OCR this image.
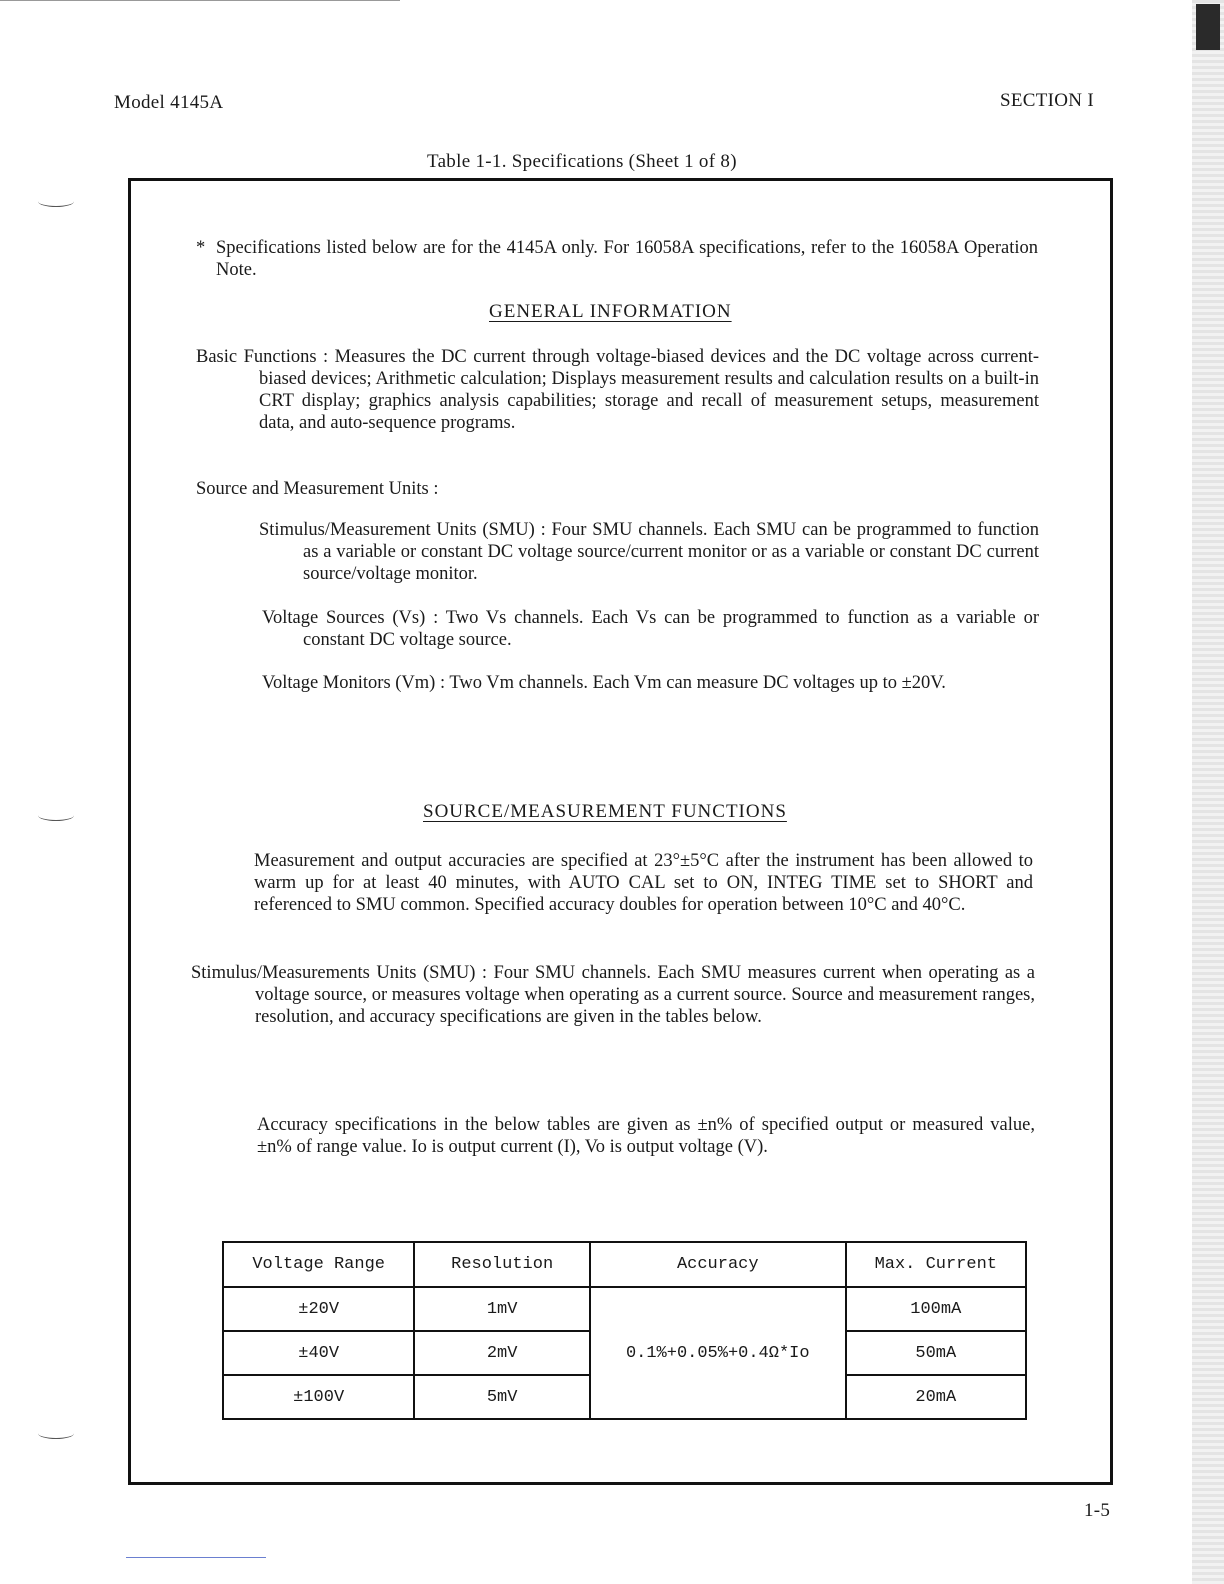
Model 4145A	SECTION I
Table 1-1. Specifications (Sheet 1 of 8)
* Specifications listed below are for the 4145A only. For 16058A specifications, refer to the 16058A Operation Note.
GENERAL INFORMATION
Basic Functions : Measures the DC current through voltage-biased devices and the DC voltage across current-biased devices; Arithmetic calculation; Displays measurement results and calculation results on a built-in CRT display; graphics analysis capabilities; storage and recall of measurement setups, measurement data, and auto-sequence programs.
Source and Measurement Units :
Stimulus/Measurement Units (SMU) : Four SMU channels. Each SMU can be programmed to function as a variable or constant DC voltage source/current monitor or as a variable or constant DC current source/voltage monitor.
Voltage Sources (Vs) : Two Vs channels. Each Vs can be programmed to function as a variable or constant DC voltage source.
Voltage Monitors (Vm) : Two Vm channels. Each Vm can measure DC voltages up to ±20V.
SOURCE/MEASUREMENT FUNCTIONS
Measurement and output accuracies are specified at 23°±5°C after the instrument has been allowed to warm up for at least 40 minutes, with AUTO CAL set to ON, INTEG TIME set to SHORT and referenced to SMU common. Specified accuracy doubles for operation between 10°C and 40°C.
Stimulus/Measurements Units (SMU) : Four SMU channels. Each SMU measures current when operating as a voltage source, or measures voltage when operating as a current source. Source and measurement ranges, resolution, and accuracy specifications are given in the tables below.
Accuracy specifications in the below tables are given as ±n% of specified output or measured value, ±n% of range value. Io is output current (I), Vo is output voltage (V).
Voltage Range	Resolution	Accuracy	Max. Current
±20V	1mV	0.1%+0.05%+0.4Ω*Io	100mA
±40V	2mV		50mA
±100V	5mV		20mA
1-5
